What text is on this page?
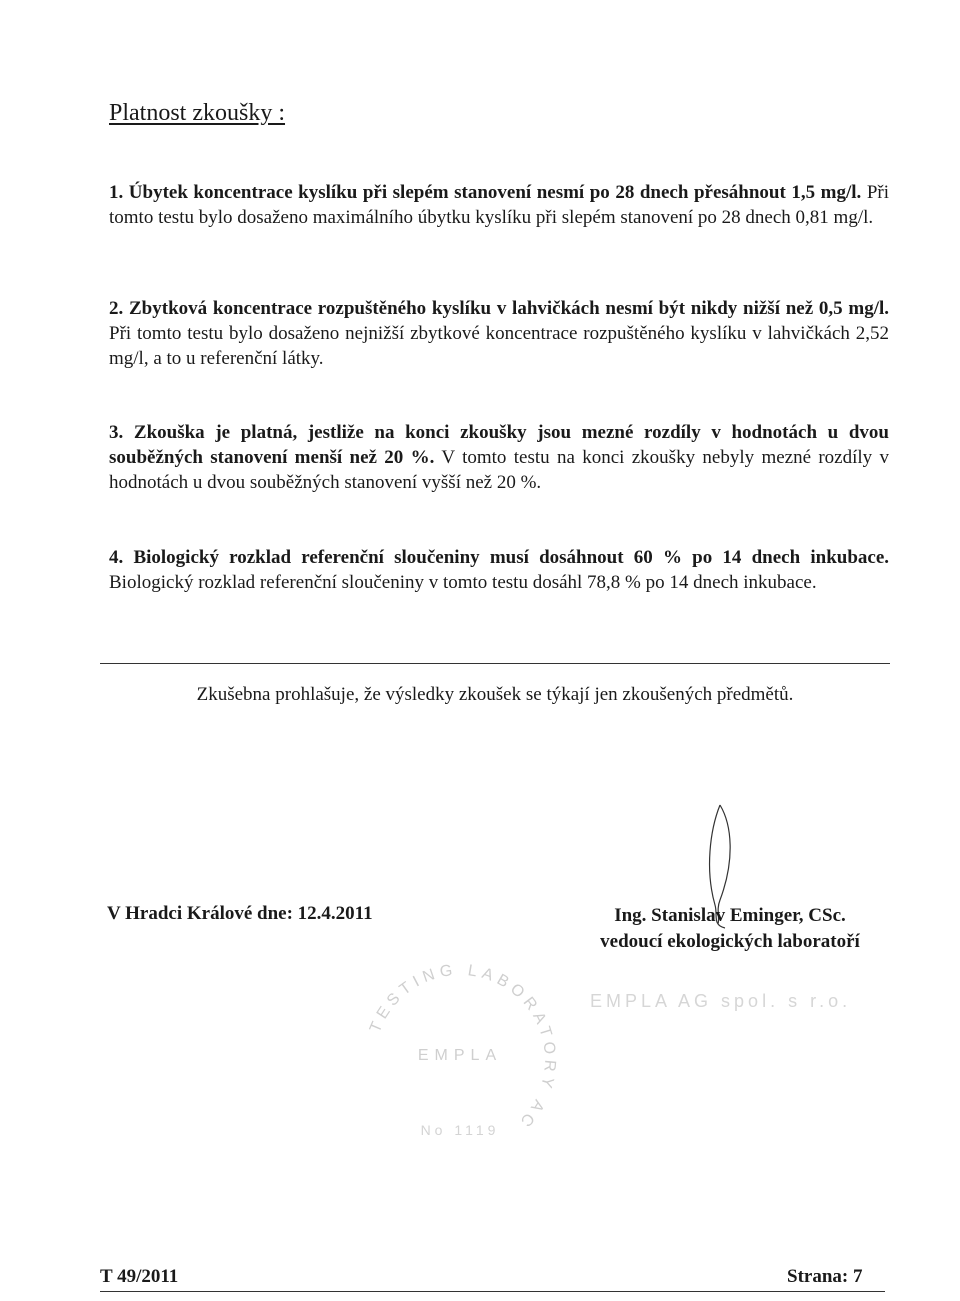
Platnost zkoušky :
1. Úbytek koncentrace kyslíku při slepém stanovení nesmí po 28 dnech přesáhnout 1,5 mg/l. Při tomto testu bylo dosaženo maximálního úbytku kyslíku při slepém stanovení po 28 dnech 0,81 mg/l.
2. Zbytková koncentrace rozpuštěného kyslíku v lahvičkách nesmí být nikdy nižší než 0,5 mg/l. Při tomto testu bylo dosaženo nejnižší zbytkové koncentrace rozpuštěného kyslíku v lahvičkách 2,52 mg/l, a to u referenční látky.
3. Zkouška je platná, jestliže na konci zkoušky jsou mezné rozdíly v hodnotách u dvou souběžných stanovení menší než 20 %. V tomto testu na konci zkoušky nebyly mezné rozdíly v hodnotách u dvou souběžných stanovení vyšší než 20 %.
4. Biologický rozklad referenční sloučeniny musí dosáhnout 60 % po 14 dnech inkubace. Biologický rozklad referenční sloučeniny v tomto testu dosáhl 78,8 % po 14 dnech inkubace.
Zkušebna prohlašuje, že výsledky zkoušek se týkají jen zkoušených předmětů.
V Hradci Králové dne: 12.4.2011	Ing. Stanislav Eminger, CSc.
vedoucí ekologických laboratoří
TESTING LABORATORY AC
EMPLA
No 1119
EMPLA AG spol. s r.o.
T 49/2011	Strana: 7
